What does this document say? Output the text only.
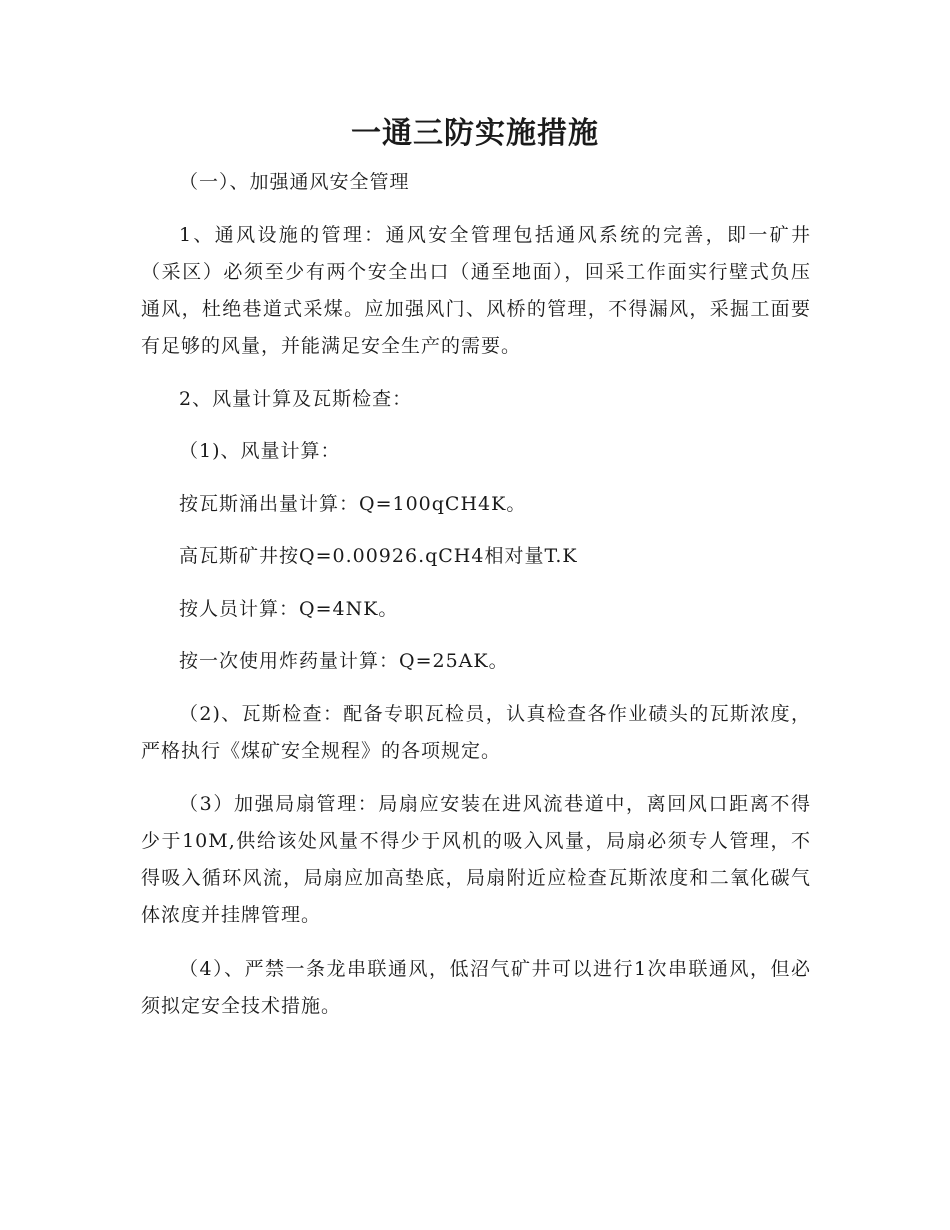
一通三防实施措施

（一）、加强通风安全管理

1、通风设施的管理：通风安全管理包括通风系统的完善，即一矿井（采区）必须至少有两个安全出口（通至地面），回采工作面实行壁式负压通风，杜绝巷道式采煤。应加强风门、风桥的管理，不得漏风，采掘工面要有足够的风量，并能满足安全生产的需要。

2、风量计算及瓦斯检查：

（1)、风量计算：

按瓦斯涌出量计算：Q=100qCH4K。

高瓦斯矿井按Q=0.00926.qCH4相对量T.K

按人员计算：Q=4NK。

按一次使用炸药量计算：Q=25AK。

（2)、瓦斯检查：配备专职瓦检员，认真检查各作业碛头的瓦斯浓度，严格执行《煤矿安全规程》的各项规定。

（3）加强局扇管理：局扇应安装在进风流巷道中，离回风口距离不得少于10M,供给该处风量不得少于风机的吸入风量，局扇必须专人管理，不得吸入循环风流，局扇应加高垫底，局扇附近应检查瓦斯浓度和二氧化碳气体浓度并挂牌管理。

（4）、严禁一条龙串联通风，低沼气矿井可以进行1次串联通风，但必须拟定安全技术措施。
